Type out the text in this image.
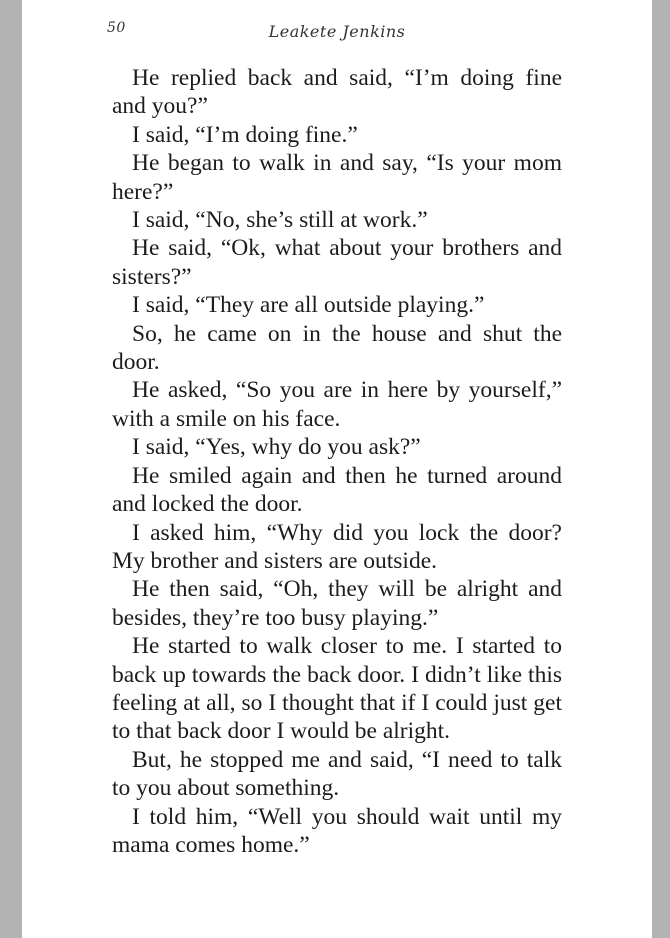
50	Leakete Jenkins

He replied back and said, “I’m doing fine and you?”

I said, “I’m doing fine.”

He began to walk in and say, “Is your mom here?”

I said, “No, she’s still at work.”

He said, “Ok, what about your brothers and sisters?”

I said, “They are all outside playing.”

So, he came on in the house and shut the door.

He asked, “So you are in here by yourself,” with a smile on his face.

I said, “Yes, why do you ask?”

He smiled again and then he turned around and locked the door.

I asked him, “Why did you lock the door? My brother and sisters are outside.

He then said, “Oh, they will be alright and besides, they’re too busy playing.”

He started to walk closer to me. I started to back up towards the back door. I didn’t like this feeling at all, so I thought that if I could just get to that back door I would be alright.

But, he stopped me and said, “I need to talk to you about something.

I told him, “Well you should wait until my mama comes home.”
